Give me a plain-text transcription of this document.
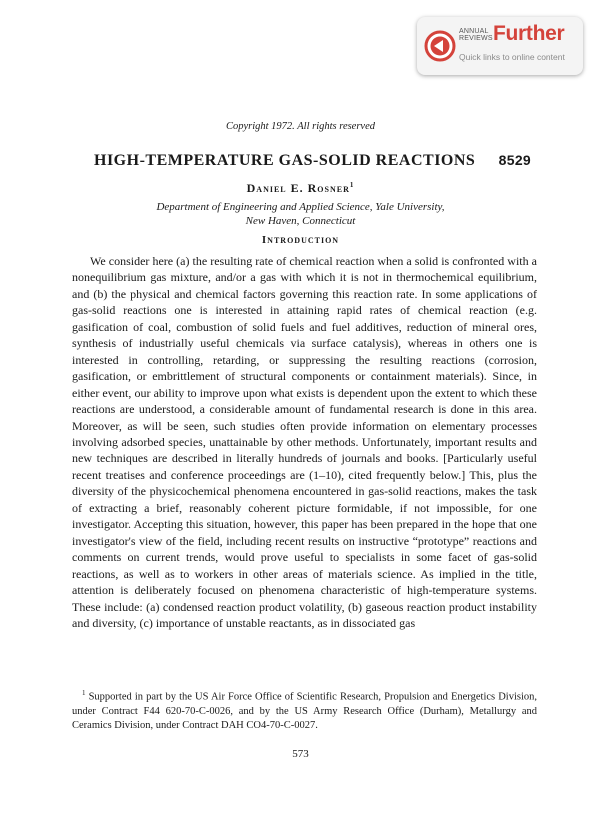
ANNUAL
REVIEWS Further
Quick links to online content
Copyright 1972. All rights reserved
HIGH-TEMPERATURE GAS-SOLID REACTIONS 8529
Daniel E. Rosner$^1$
Department of Engineering and Applied Science, Yale University,
New Haven, Connecticut
Introduction

We consider here (a) the resulting rate of chemical reaction when a solid is confronted with a nonequilibrium gas mixture, and/or a gas with which it is not in thermochemical equilibrium, and (b) the physical and chemical factors governing this reaction rate. In some applications of gas-solid reactions one is interested in attaining rapid rates of chemical reaction (e.g. gasification of coal, combustion of solid fuels and fuel additives, reduction of mineral ores, synthesis of industrially useful chemicals via surface catalysis), whereas in others one is interested in controlling, retarding, or suppressing the resulting reactions (corrosion, gasification, or embrittlement of structural components or containment materials). Since, in either event, our ability to improve upon what exists is dependent upon the extent to which these reactions are understood, a considerable amount of fundamental research is done in this area. Moreover, as will be seen, such studies often provide information on elementary processes involving adsorbed species, unattainable by other methods. Unfortunately, important results and new techniques are described in literally hundreds of journals and books. [Particularly useful recent treatises and conference proceedings are (1–10), cited frequently below.] This, plus the diversity of the physicochemical phenomena encountered in gas-solid reactions, makes the task of extracting a brief, reasonably coherent picture formidable, if not impossible, for one investigator. Accepting this situation, however, this paper has been prepared in the hope that one investigator's view of the field, including recent results on instructive “prototype” reactions and comments on current trends, would prove useful to specialists in some facet of gas-solid reactions, as well as to workers in other areas of materials science. As implied in the title, attention is deliberately focused on phenomena characteristic of high-temperature systems. These include: (a) condensed reaction product volatility, (b) gaseous reaction product instability and diversity, (c) importance of unstable reactants, as in dissociated gas

$^1$ Supported in part by the US Air Force Office of Scientific Research, Propulsion and Energetics Division, under Contract F44 620-70-C-0026, and by the US Army Research Office (Durham), Metallurgy and Ceramics Division, under Contract DAH CO4-70-C-0027.

573
